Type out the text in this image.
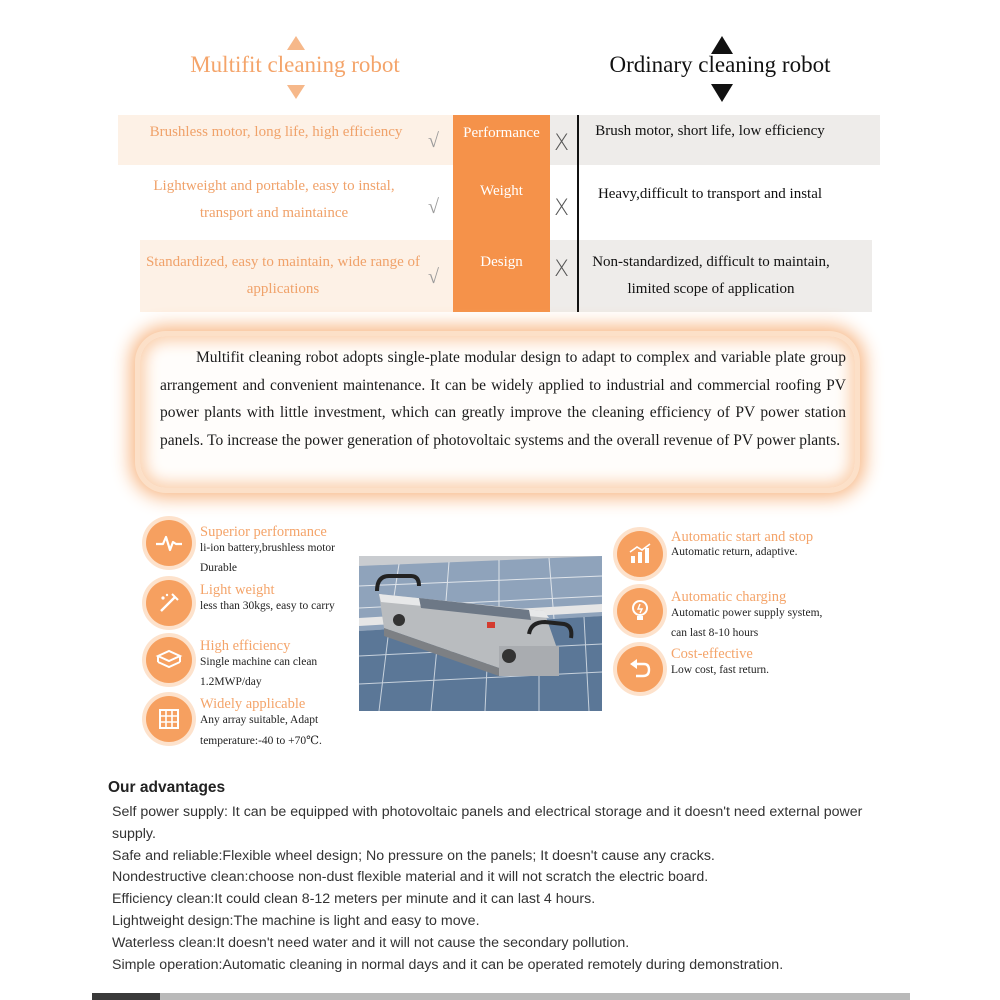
Multifit cleaning robot	Ordinary cleaning robot
Performance
Weight
Design
Brushless motor, long life, high efficiency
Lightweight and portable, easy to instal, transport and maintaince
Standardized, easy to maintain, wide range of applications
√
√
√
X
X
X
Brush motor, short life, low efficiency
Heavy,difficult to transport and instal
Non-standardized, difficult to maintain, limited scope of application
Multifit cleaning robot adopts single-plate modular design to adapt to complex and variable plate group arrangement and convenient maintenance. It can be widely applied to industrial and commercial roofing PV power plants with little investment, which can greatly improve the cleaning efficiency of PV power station panels. To increase the power generation of photovoltaic systems and the overall revenue of PV power plants.
Superior performance
li-ion battery,brushless motor
Durable
Light weight
less than 30kgs, easy to carry
High efficiency
Single machine can clean
1.2MWP/day
Widely applicable
Any array suitable, Adapt
temperature:-40 to +70℃.
Automatic start and stop
Automatic return, adaptive.
Automatic charging
Automatic power supply system,
can last 8-10 hours
Cost-effective
Low cost, fast return.
Our advantages
Self power supply: It can be equipped with photovoltaic panels and electrical storage and it doesn't need external power supply.
Safe and reliable:Flexible wheel design; No pressure on the panels; It doesn't cause any cracks.
Nondestructive clean:choose non-dust flexible material and it will not scratch the electric board.
Efficiency clean:It could clean 8-12 meters per minute and it can last 4 hours.
Lightweight design:The machine is light and easy to move.
Waterless clean:It doesn't need water and it will not cause the secondary pollution.
Simple operation:Automatic cleaning in normal days and it can be operated remotely during demonstration.
